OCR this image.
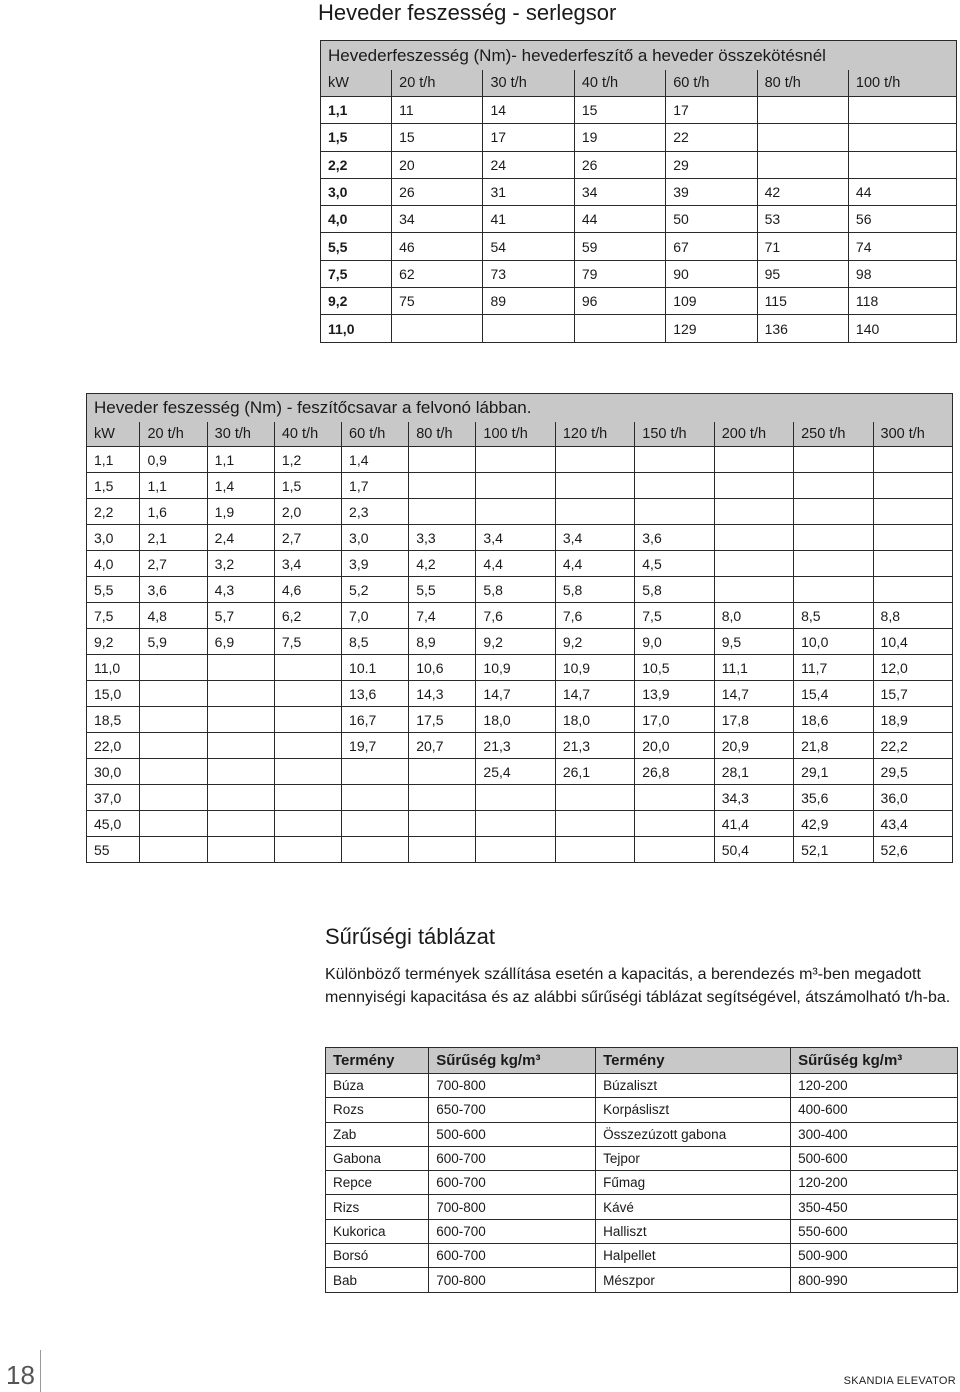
Heveder feszesség - serlegsor
Hevederfeszesség (Nm)- hevederfeszítő a heveder összekötésnél						
kW	20 t/h	30 t/h	40 t/h	60 t/h	80 t/h	100 t/h
1,1	11	14	15	17		
1,5	15	17	19	22		
2,2	20	24	26	29		
3,0	26	31	34	39	42	44
4,0	34	41	44	50	53	56
5,5	46	54	59	67	71	74
7,5	62	73	79	90	95	98
9,2	75	89	96	109	115	118
11,0				129	136	140
Heveder feszesség (Nm) - feszítőcsavar a felvonó lábban.											
kW	20 t/h	30 t/h	40 t/h	60 t/h	80 t/h	100 t/h	120 t/h	150 t/h	200 t/h	250 t/h	300 t/h
1,1	0,9	1,1	1,2	1,4							
1,5	1,1	1,4	1,5	1,7							
2,2	1,6	1,9	2,0	2,3							
3,0	2,1	2,4	2,7	3,0	3,3	3,4	3,4	3,6			
4,0	2,7	3,2	3,4	3,9	4,2	4,4	4,4	4,5			
5,5	3,6	4,3	4,6	5,2	5,5	5,8	5,8	5,8			
7,5	4,8	5,7	6,2	7,0	7,4	7,6	7,6	7,5	8,0	8,5	8,8
9,2	5,9	6,9	7,5	8,5	8,9	9,2	9,2	9,0	9,5	10,0	10,4
11,0				10.1	10,6	10,9	10,9	10,5	11,1	11,7	12,0
15,0				13,6	14,3	14,7	14,7	13,9	14,7	15,4	15,7
18,5				16,7	17,5	18,0	18,0	17,0	17,8	18,6	18,9
22,0				19,7	20,7	21,3	21,3	20,0	20,9	21,8	22,2
30,0						25,4	26,1	26,8	28,1	29,1	29,5
37,0									34,3	35,6	36,0
45,0									41,4	42,9	43,4
55									50,4	52,1	52,6
Sűrűségi táblázat
Különböző termények szállítása esetén a kapacitás, a berendezés m³-ben megadott mennyiségi kapacitása és az alábbi sűrűségi táblázat segítségével, átszámolható t/h-ba.
Termény	Sűrűség kg/m³	Termény	Sűrűség kg/m³
Búza	700-800	Búzaliszt	120-200
Rozs	650-700	Korpásliszt	400-600
Zab	500-600	Összezúzott gabona	300-400
Gabona	600-700	Tejpor	500-600
Repce	600-700	Fűmag	120-200
Rizs	700-800	Kávé	350-450
Kukorica	600-700	Halliszt	550-600
Borsó	600-700	Halpellet	500-900
Bab	700-800	Mészpor	800-990
18	SKANDIA ELEVATOR
